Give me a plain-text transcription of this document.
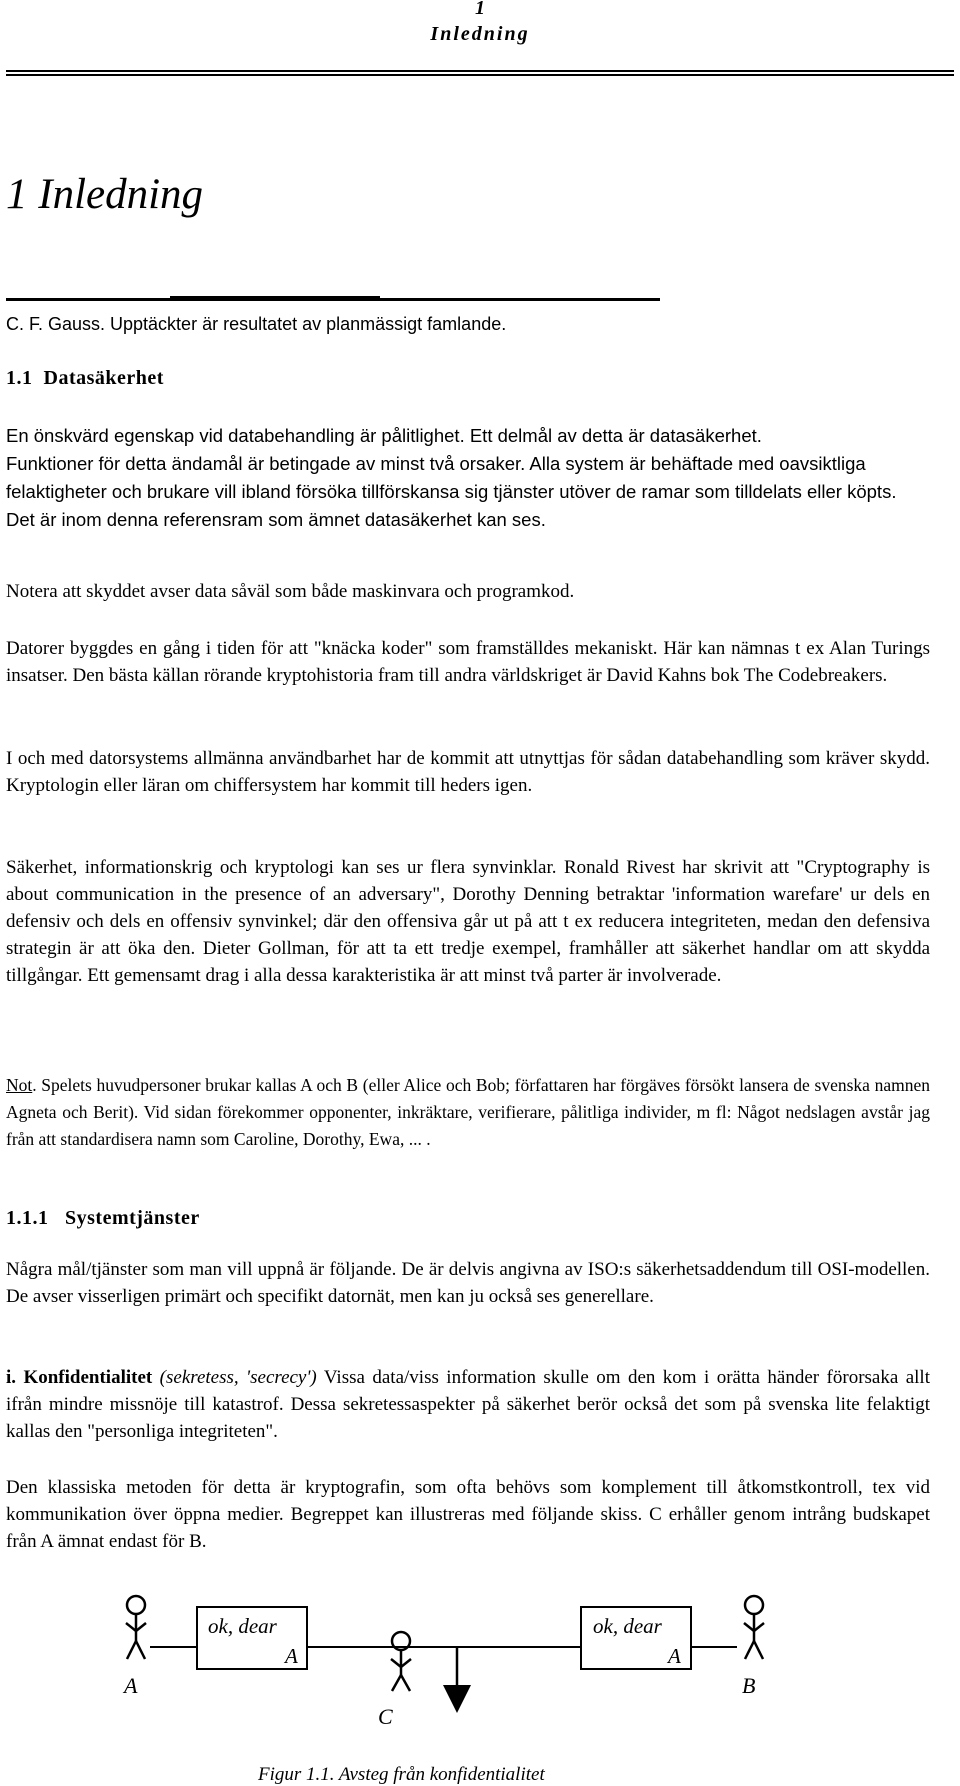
1
Inledning
1 Inledning
C. F. Gauss. Upptäckter är resultatet av planmässigt famlande.
1.1 Datasäkerhet
En önskvärd egenskap vid databehandling är pålitlighet. Ett delmål av detta är datasäkerhet.
Funktioner för detta ändamål är betingade av minst två orsaker. Alla system är behäftade med oavsiktliga felaktigheter och brukare vill ibland försöka tillförskansa sig tjänster utöver de ramar som tilldelats eller köpts. Det är inom denna referensram som ämnet datasäkerhet kan ses.
Notera att skyddet avser data såväl som både maskinvara och programkod.
Datorer byggdes en gång i tiden för att "knäcka koder" som framställdes mekaniskt. Här kan nämnas t ex Alan Turings insatser. Den bästa källan rörande kryptohistoria fram till andra världskriget är David Kahns bok The Codebreakers.
I och med datorsystems allmänna användbarhet har de kommit att utnyttjas för sådan databehandling som kräver skydd. Kryptologin eller läran om chiffersystem har kommit till heders igen.
Säkerhet, informationskrig och kryptologi kan ses ur flera synvinklar. Ronald Rivest har skrivit att "Cryptography is about communication in the presence of an adversary", Dorothy Denning betraktar 'information warefare' ur dels en defensiv och dels en offensiv synvinkel; där den offensiva går ut på att t ex reducera integriteten, medan den defensiva strategin är att öka den. Dieter Gollman, för att ta ett tredje exempel, framhåller att säkerhet handlar om att skydda tillgångar. Ett gemensamt drag i alla dessa karakteristika är att minst två parter är involverade.
Not. Spelets huvudpersoner brukar kallas A och B (eller Alice och Bob; författaren har förgäves försökt lansera de svenska namnen Agneta och Berit). Vid sidan förekommer opponenter, inkräktare, verifierare, pålitliga individer, m fl: Något nedslagen avstår jag från att standardisera namn som Caroline, Dorothy, Ewa, ... .
1.1.1 Systemtjänster
Några mål/tjänster som man vill uppnå är följande. De är delvis angivna av ISO:s säkerhetsaddendum till OSI-modellen. De avser visserligen primärt och specifikt datornät, men kan ju också ses generellare.
i. Konfidentialitet (sekretess, 'secrecy') Vissa data/viss information skulle om den kom i orätta händer förorsaka allt ifrån mindre missnöje till katastrof. Dessa sekretessaspekter på säkerhet berör också det som på svenska lite felaktigt kallas den "personliga integriteten".
Den klassiska metoden för detta är kryptografin, som ofta behövs som komplement till åtkomstkontroll, tex vid kommunikation över öppna medier. Begreppet kan illustreras med följande skiss. C erhåller genom intrång budskapet från A ämnat endast för B.
A
ok, dear
A
C
ok, dear
A
B
Figur 1.1. Avsteg från konfidentialitet
